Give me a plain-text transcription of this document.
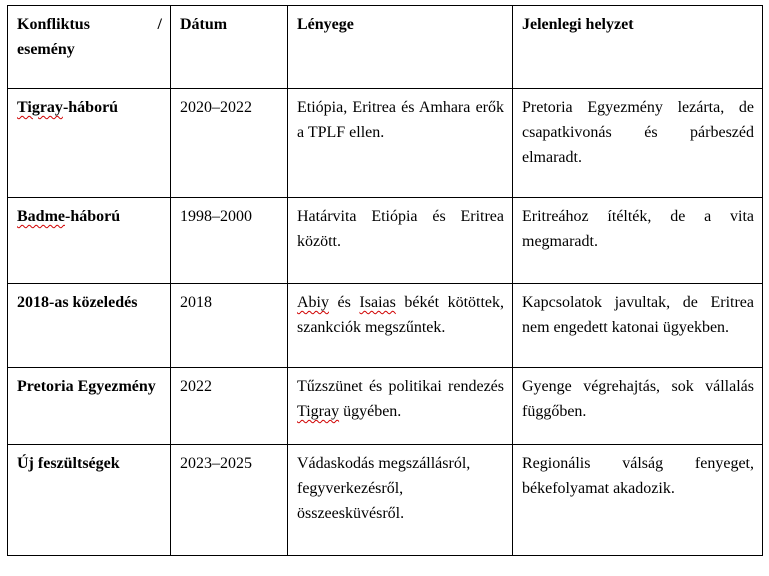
Konfliktus /
esemény	Dátum	Lényege	Jelenlegi helyzet
Tigray-háború	2020–2022	Etiópia, Eritrea és Amhara erők a TPLF ellen.	Pretoria Egyezmény lezárta, de csapatkivonás és párbeszéd elmaradt.
Badme-háború	1998–2000	Határvita Etiópia és Eritrea között.	Eritreához ítélték, de a vita megmaradt.
2018-as közeledés	2018	Abiy és Isaias békét kötöttek, szankciók megszűntek.	Kapcsolatok javultak, de Eritrea nem engedett katonai ügyekben.
Pretoria Egyezmény	2022	Tűzszünet és politikai rendezés Tigray ügyében.	Gyenge végrehajtás, sok vállalás függőben.
Új feszültségek	2023–2025	Vádaskodás megszállásról, fegyverkezésről, összeesküvésről.	Regionális válság fenyeget, békefolyamat akadozik.
